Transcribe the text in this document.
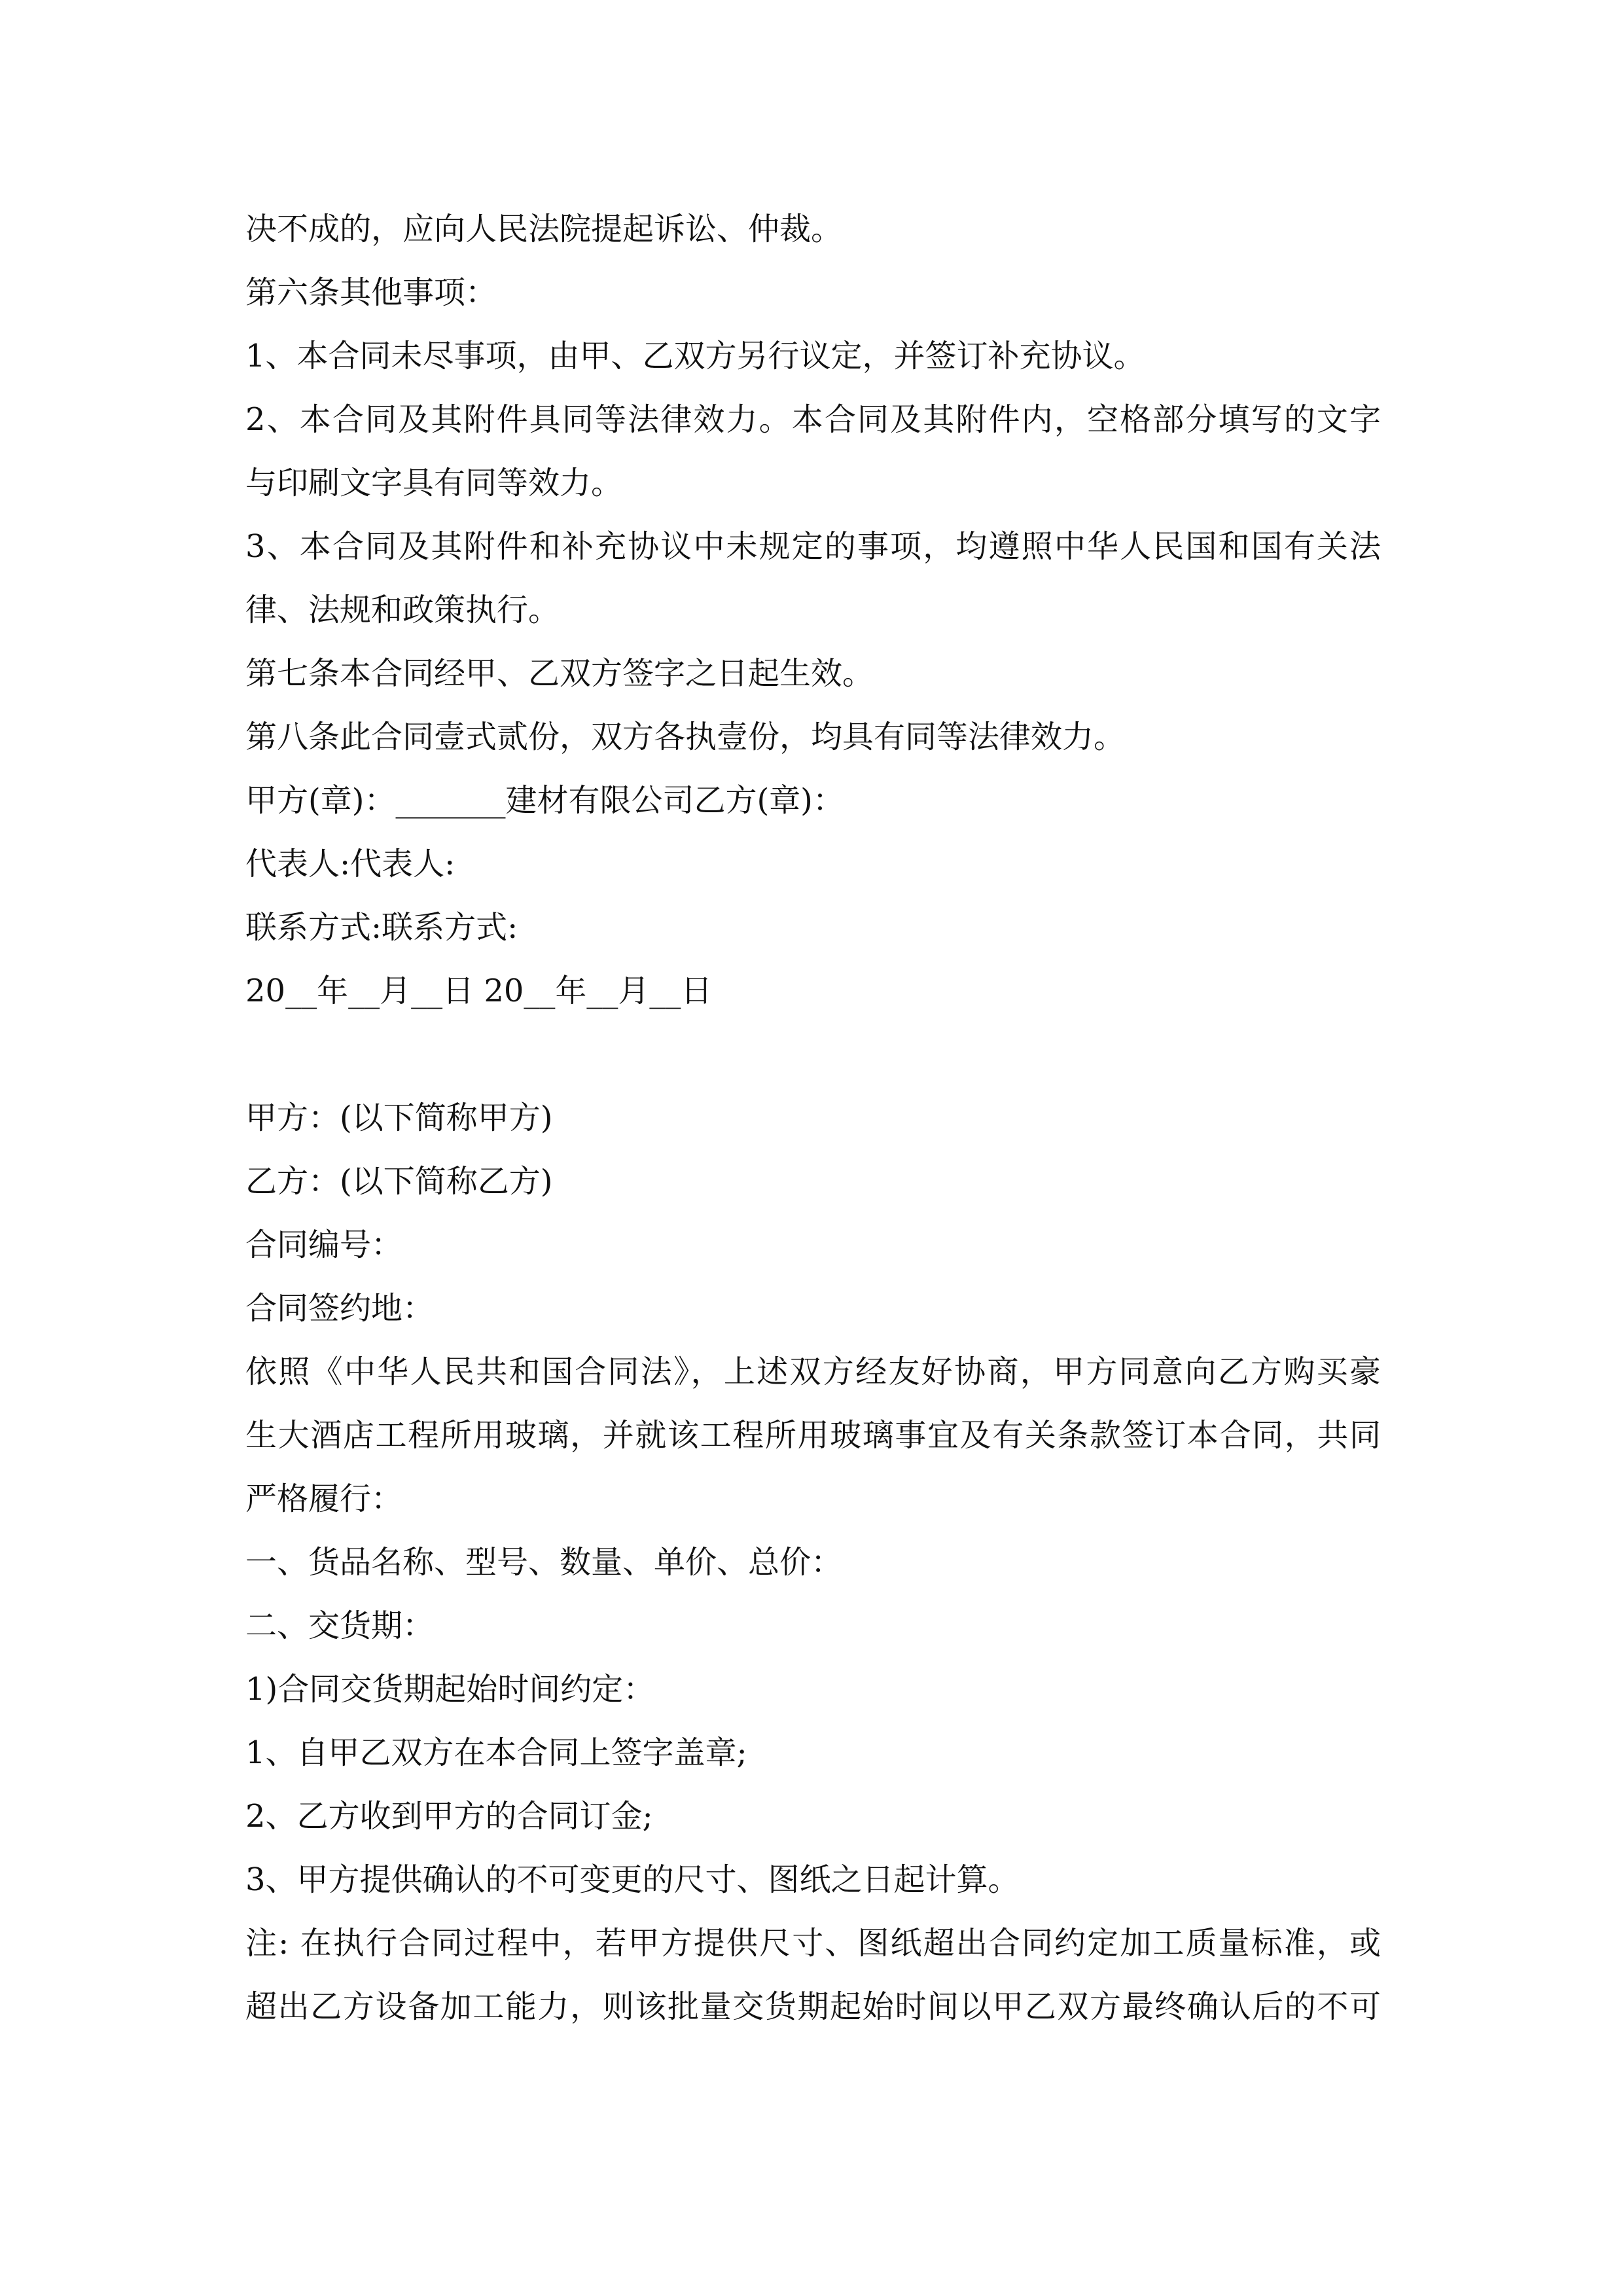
决不成的，应向人民法院提起诉讼、仲裁。

第六条其他事项：

1、本合同未尽事项，由甲、乙双方另行议定，并签订补充协议。

2、本合同及其附件具同等法律效力。本合同及其附件内，空格部分填写的文字

与印刷文字具有同等效力。

3、本合同及其附件和补充协议中未规定的事项，均遵照中华人民国和国有关法

律、法规和政策执行。

第七条本合同经甲、乙双方签字之日起生效。

第八条此合同壹式贰份，双方各执壹份，均具有同等法律效力。

甲方(章)：_______建材有限公司乙方(章)：

代表人:代表人:

联系方式:联系方式:

20__年__月__日 20__年__月__日

甲方：(以下简称甲方)

乙方：(以下简称乙方)

合同编号：

合同签约地：

依照《中华人民共和国合同法》，上述双方经友好协商，甲方同意向乙方购买豪

生大酒店工程所用玻璃，并就该工程所用玻璃事宜及有关条款签订本合同，共同

严格履行：

一、货品名称、型号、数量、单价、总价：

二、交货期：

1)合同交货期起始时间约定：

1、自甲乙双方在本合同上签字盖章;

2、乙方收到甲方的合同订金;

3、甲方提供确认的不可变更的尺寸、图纸之日起计算。

注: 在执行合同过程中，若甲方提供尺寸、图纸超出合同约定加工质量标准，或

超出乙方设备加工能力，则该批量交货期起始时间以甲乙双方最终确认后的不可
